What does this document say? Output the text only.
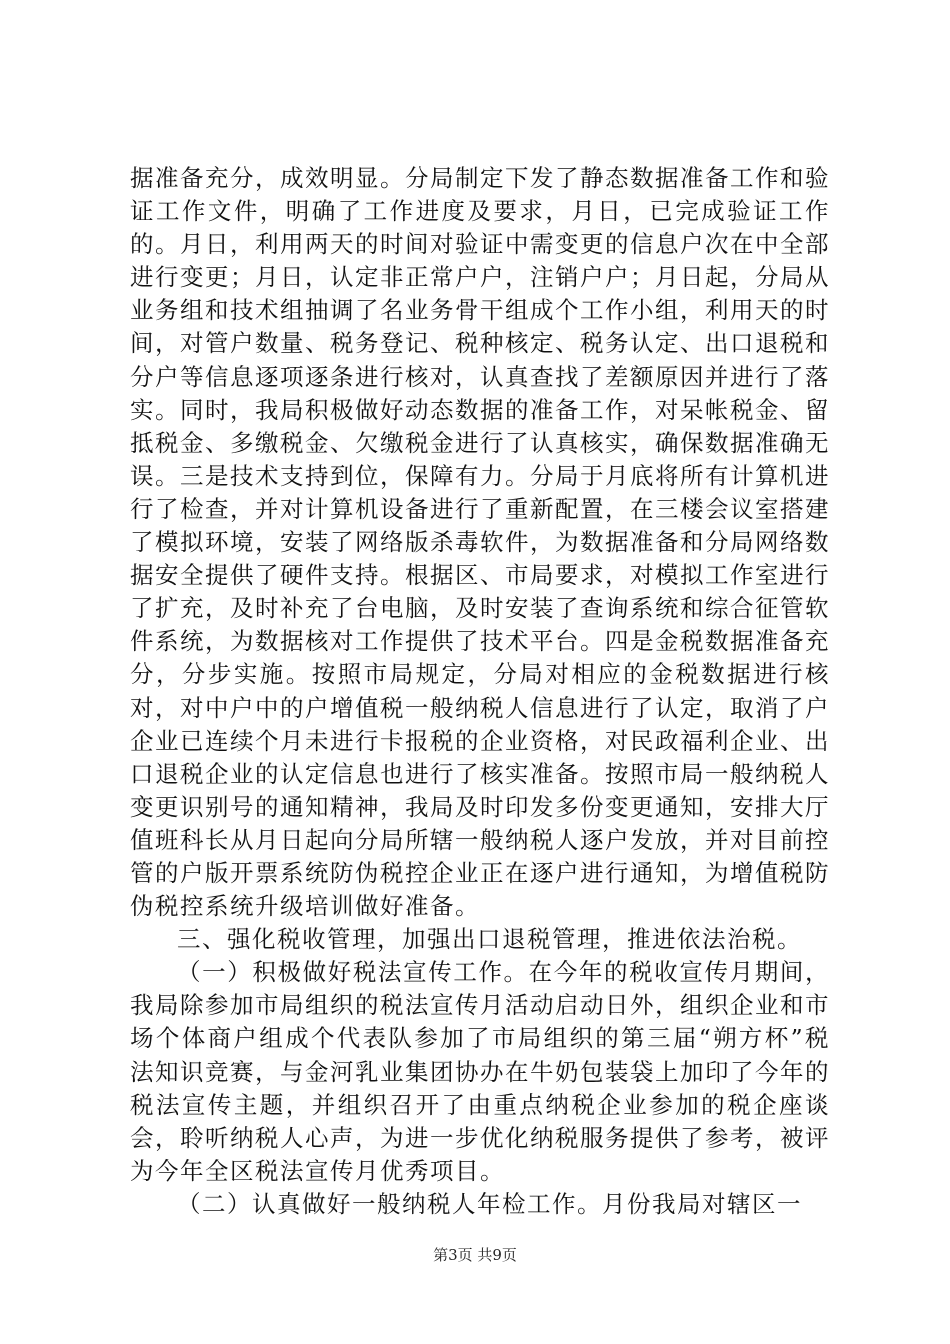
据准备充分，成效明显。分局制定下发了静态数据准备工作和验证工作文件，明确了工作进度及要求，月日，已完成验证工作的。月日，利用两天的时间对验证中需变更的信息户次在中全部进行变更；月日，认定非正常户户，注销户户；月日起，分局从业务组和技术组抽调了名业务骨干组成个工作小组，利用天的时间，对管户数量、税务登记、税种核定、税务认定、出口退税和分户等信息逐项逐条进行核对，认真查找了差额原因并进行了落实。同时，我局积极做好动态数据的准备工作，对呆帐税金、留抵税金、多缴税金、欠缴税金进行了认真核实，确保数据准确无误。三是技术支持到位，保障有力。分局于月底将所有计算机进行了检查，并对计算机设备进行了重新配置，在三楼会议室搭建了模拟环境，安装了网络版杀毒软件，为数据准备和分局网络数据安全提供了硬件支持。根据区、市局要求，对模拟工作室进行了扩充，及时补充了台电脑，及时安装了查询系统和综合征管软件系统，为数据核对工作提供了技术平台。四是金税数据准备充分，分步实施。按照市局规定，分局对相应的金税数据进行核对，对中户中的户增值税一般纳税人信息进行了认定，取消了户企业已连续个月未进行卡报税的企业资格，对民政福利企业、出口退税企业的认定信息也进行了核实准备。按照市局一般纳税人变更识别号的通知精神，我局及时印发多份变更通知，安排大厅值班科长从月日起向分局所辖一般纳税人逐户发放，并对目前控管的户版开票系统防伪税控企业正在逐户进行通知，为增值税防伪税控系统升级培训做好准备。

三、强化税收管理，加强出口退税管理，推进依法治税。

（一）积极做好税法宣传工作。在今年的税收宣传月期间，我局除参加市局组织的税法宣传月活动启动日外，组织企业和市场个体商户组成个代表队参加了市局组织的第三届“朔方杯”税法知识竞赛，与金河乳业集团协办在牛奶包装袋上加印了今年的税法宣传主题，并组织召开了由重点纳税企业参加的税企座谈会，聆听纳税人心声，为进一步优化纳税服务提供了参考，被评为今年全区税法宣传月优秀项目。

（二）认真做好一般纳税人年检工作。月份我局对辖区一

第3页 共9页
